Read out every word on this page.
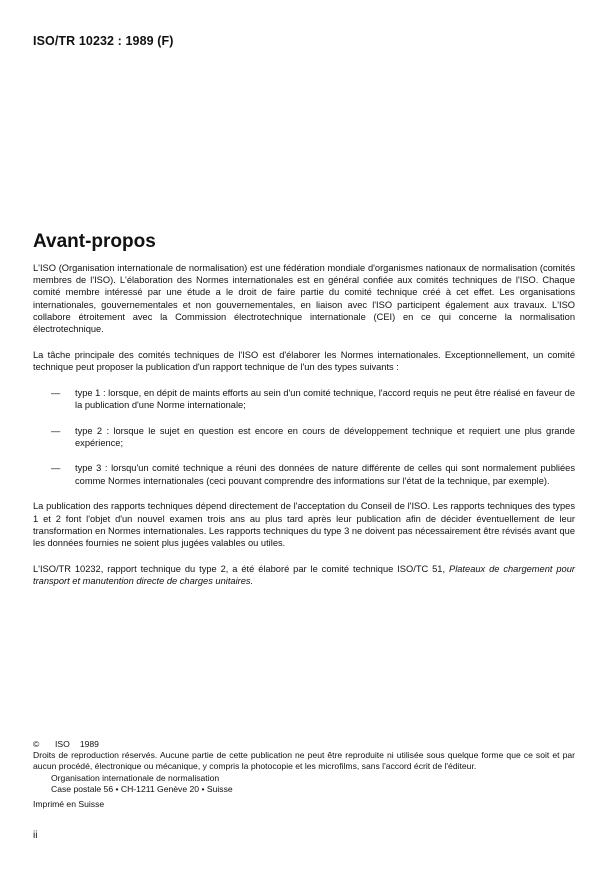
ISO/TR 10232 : 1989 (F)
Avant-propos

L'ISO (Organisation internationale de normalisation) est une fédération mondiale d'organismes nationaux de normalisation (comités membres de l'ISO). L'élaboration des Normes internationales est en général confiée aux comités techniques de l'ISO. Chaque comité membre intéressé par une étude a le droit de faire partie du comité technique créé à cet effet. Les organisations internationales, gouvernementales et non gouvernementales, en liaison avec l'ISO participent également aux travaux. L'ISO collabore étroitement avec la Commission électrotechnique internationale (CEI) en ce qui concerne la normalisation électrotechnique.

La tâche principale des comités techniques de l'ISO est d'élaborer les Normes internationales. Exceptionnellement, un comité technique peut proposer la publication d'un rapport technique de l'un des types suivants :

—	type 1 : lorsque, en dépit de maints efforts au sein d'un comité technique, l'accord requis ne peut être réalisé en faveur de la publication d'une Norme internationale;
—	type 2 : lorsque le sujet en question est encore en cours de développement technique et requiert une plus grande expérience;
—	type 3 : lorsqu'un comité technique a réuni des données de nature différente de celles qui sont normalement publiées comme Normes internationales (ceci pouvant comprendre des informations sur l'état de la technique, par exemple).

La publication des rapports techniques dépend directement de l'acceptation du Conseil de l'ISO. Les rapports techniques des types 1 et 2 font l'objet d'un nouvel examen trois ans au plus tard après leur publication afin de décider éventuellement de leur transformation en Normes internationales. Les rapports techniques du type 3 ne doivent pas nécessairement être révisés avant que les données fournies ne soient plus jugées valables ou utiles.

L'ISO/TR 10232, rapport technique du type 2, a été élaboré par le comité technique ISO/TC 51, Plateaux de chargement pour transport et manutention directe de charges unitaires.

© ISO 1989

Droits de reproduction réservés. Aucune partie de cette publication ne peut être reproduite ni utilisée sous quelque forme que ce soit et par aucun procédé, électronique ou mécanique, y compris la photocopie et les microfilms, sans l'accord écrit de l'éditeur.

Organisation internationale de normalisation

Case postale 56 • CH-1211 Genève 20 • Suisse

Imprimé en Suisse

ii
